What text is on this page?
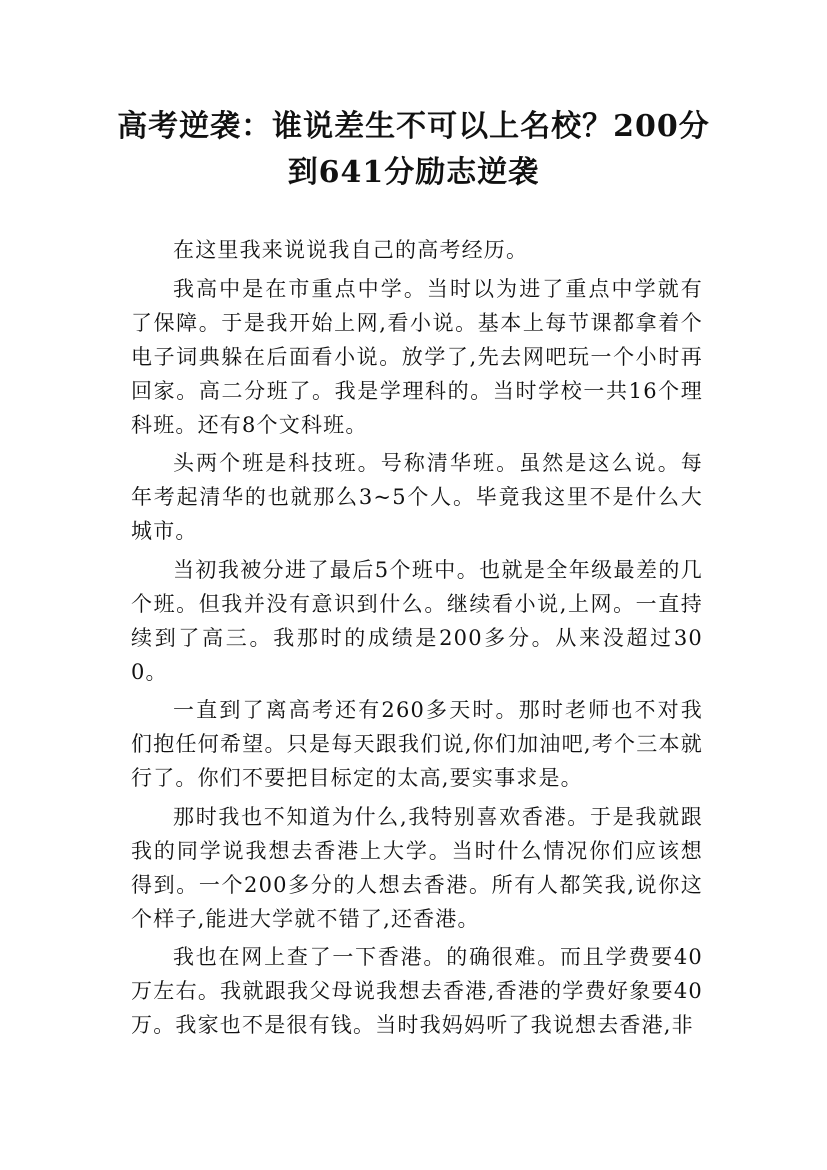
高考逆袭：谁说差生不可以上名校？200分到641分励志逆袭

在这里我来说说我自己的高考经历。

我高中是在市重点中学。当时以为进了重点中学就有了保障。于是我开始上网,看小说。基本上每节课都拿着个电子词典躲在后面看小说。放学了,先去网吧玩一个小时再回家。高二分班了。我是学理科的。当时学校一共16个理科班。还有8个文科班。

头两个班是科技班。号称清华班。虽然是这么说。每年考起清华的也就那么3~5个人。毕竟我这里不是什么大城市。

当初我被分进了最后5个班中。也就是全年级最差的几个班。但我并没有意识到什么。继续看小说,上网。一直持续到了高三。我那时的成绩是200多分。从来没超过300。

一直到了离高考还有260多天时。那时老师也不对我们抱任何希望。只是每天跟我们说,你们加油吧,考个三本就行了。你们不要把目标定的太高,要实事求是。

那时我也不知道为什么,我特别喜欢香港。于是我就跟我的同学说我想去香港上大学。当时什么情况你们应该想得到。一个200多分的人想去香港。所有人都笑我,说你这个样子,能进大学就不错了,还香港。

我也在网上查了一下香港。的确很难。而且学费要40万左右。我就跟我父母说我想去香港,香港的学费好象要40万。我家也不是很有钱。当时我妈妈听了我说想去香港,非
